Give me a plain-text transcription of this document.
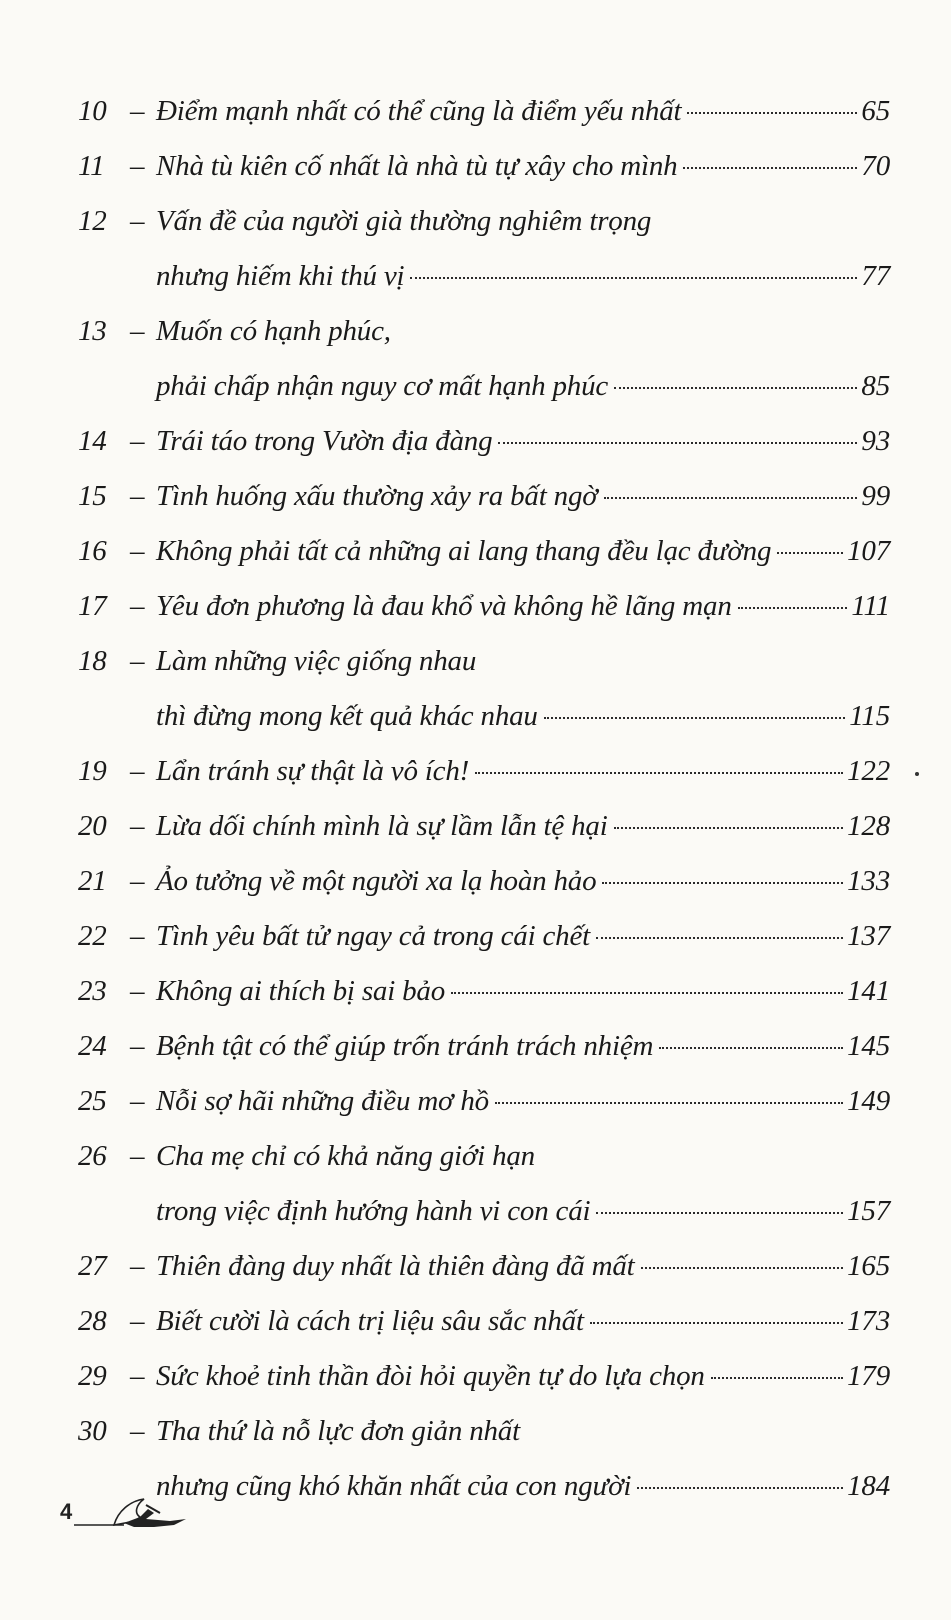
10 – Điểm mạnh nhất có thể cũng là điểm yếu nhất	65
11 – Nhà tù kiên cố nhất là nhà tù tự xây cho mình	70
12 – Vấn đề của người già thường nghiêm trọng
nhưng hiếm khi thú vị	77
13 – Muốn có hạnh phúc,
phải chấp nhận nguy cơ mất hạnh phúc	85
14 – Trái táo trong Vườn địa đàng	93
15 – Tình huống xấu thường xảy ra bất ngờ	99
16 – Không phải tất cả những ai lang thang đều lạc đường	107
17 – Yêu đơn phương là đau khổ và không hề lãng mạn	111
18 – Làm những việc giống nhau
thì đừng mong kết quả khác nhau	115
19 – Lẩn tránh sự thật là vô ích!	122
20 – Lừa dối chính mình là sự lầm lẫn tệ hại	128
21 – Ảo tưởng về một người xa lạ hoàn hảo	133
22 – Tình yêu bất tử ngay cả trong cái chết	137
23 – Không ai thích bị sai bảo	141
24 – Bệnh tật có thể giúp trốn tránh trách nhiệm	145
25 – Nỗi sợ hãi những điều mơ hồ	149
26 – Cha mẹ chỉ có khả năng giới hạn
trong việc định hướng hành vi con cái	157
27 – Thiên đàng duy nhất là thiên đàng đã mất	165
28 – Biết cười là cách trị liệu sâu sắc nhất	173
29 – Sức khoẻ tinh thần đòi hỏi quyền tự do lựa chọn	179
30 – Tha thứ là nỗ lực đơn giản nhất
nhưng cũng khó khăn nhất của con người	184
4
